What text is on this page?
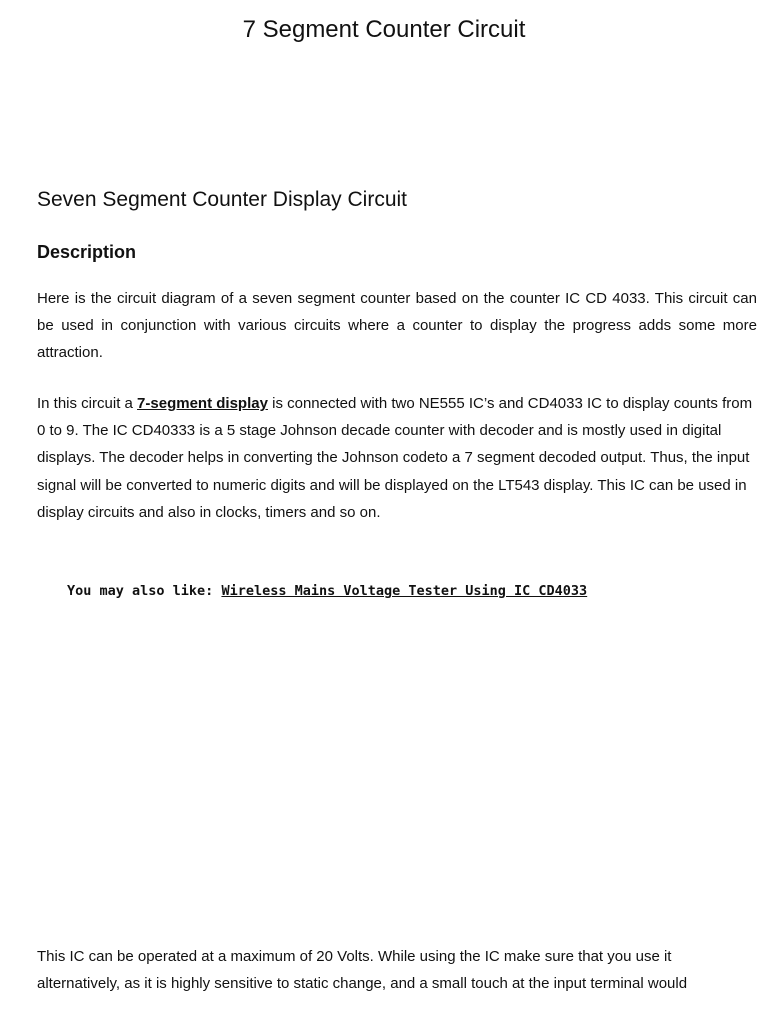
7 Segment Counter Circuit
Seven Segment Counter Display Circuit
Description

Here is the circuit diagram of a seven segment counter based on the counter IC CD 4033. This circuit can be used in conjunction with various circuits where a counter to display the progress adds some more attraction.

In this circuit a 7-segment display is connected with two NE555 IC’s and CD4033 IC to display counts from 0 to 9. The IC CD40333 is a 5 stage Johnson decade counter with decoder and is mostly used in digital displays. The decoder helps in converting the Johnson codeto a 7 segment decoded output. Thus, the input signal will be converted to numeric digits and will be displayed on the LT543 display. This IC can be used in display circuits and also in clocks, timers and so on.

You may also like: Wireless Mains Voltage Tester Using IC CD4033

This IC can be operated at a maximum of 20 Volts. While using the IC make sure that you use it alternatively, as it is highly sensitive to static change, and a small touch at the input terminal would
